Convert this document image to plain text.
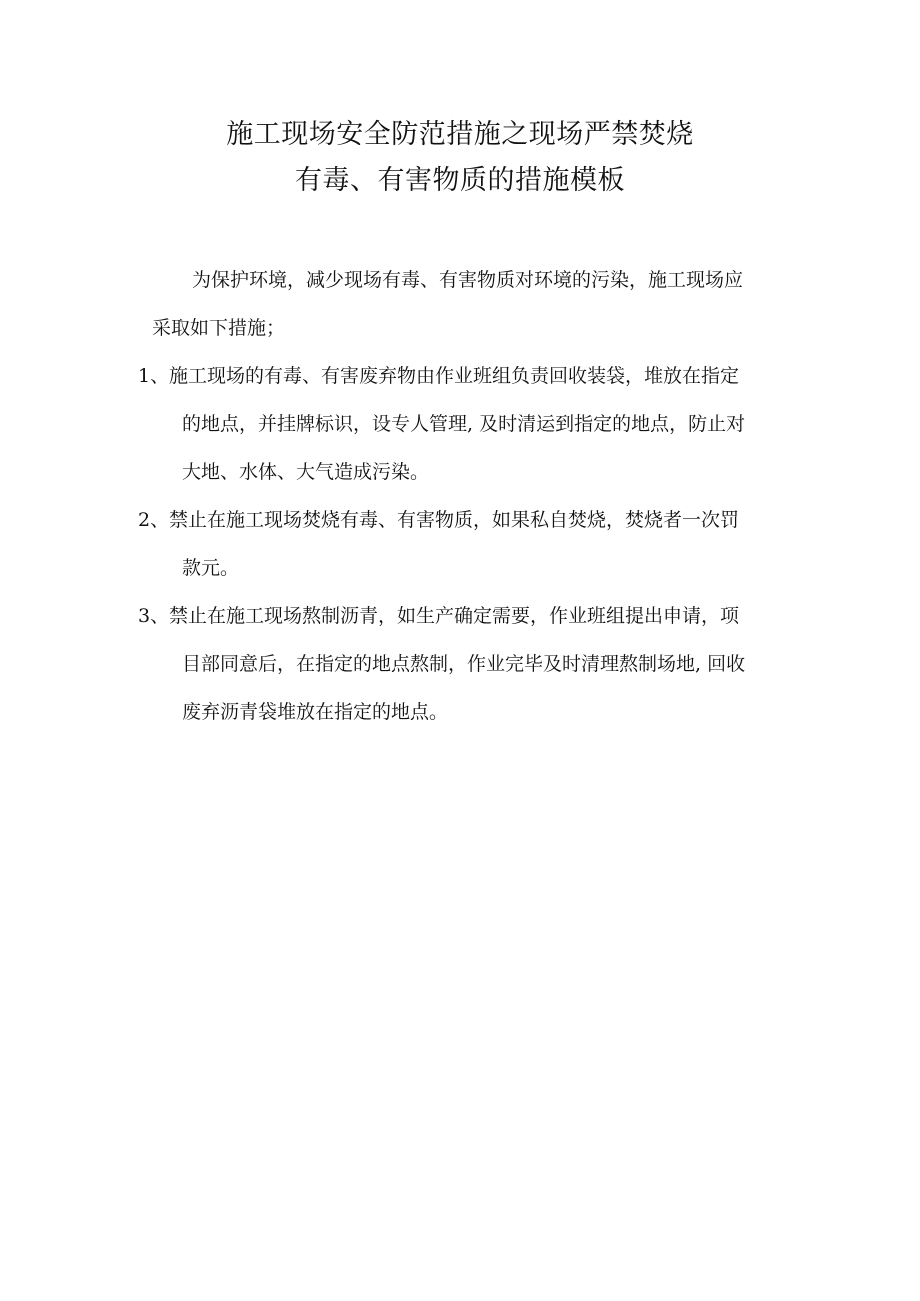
施工现场安全防范措施之现场严禁焚烧
有毒、有害物质的措施模板
为保护环境，减少现场有毒、有害物质对环境的污染，施工现场应
采取如下措施；
1、 施工现场的有毒、有害废弃物由作业班组负责回收装袋，堆放在指定
的地点，并挂牌标识，设专人管理, 及时清运到指定的地点，防止对
大地、水体、大气造成污染。
2、 禁止在施工现场焚烧有毒、有害物质，如果私自焚烧，焚烧者一次罚
款元。
3、 禁止在施工现场熬制沥青，如生产确定需要，作业班组提出申请，项
目部同意后，在指定的地点熬制，作业完毕及时清理熬制场地, 回收
废弃沥青袋堆放在指定的地点。
